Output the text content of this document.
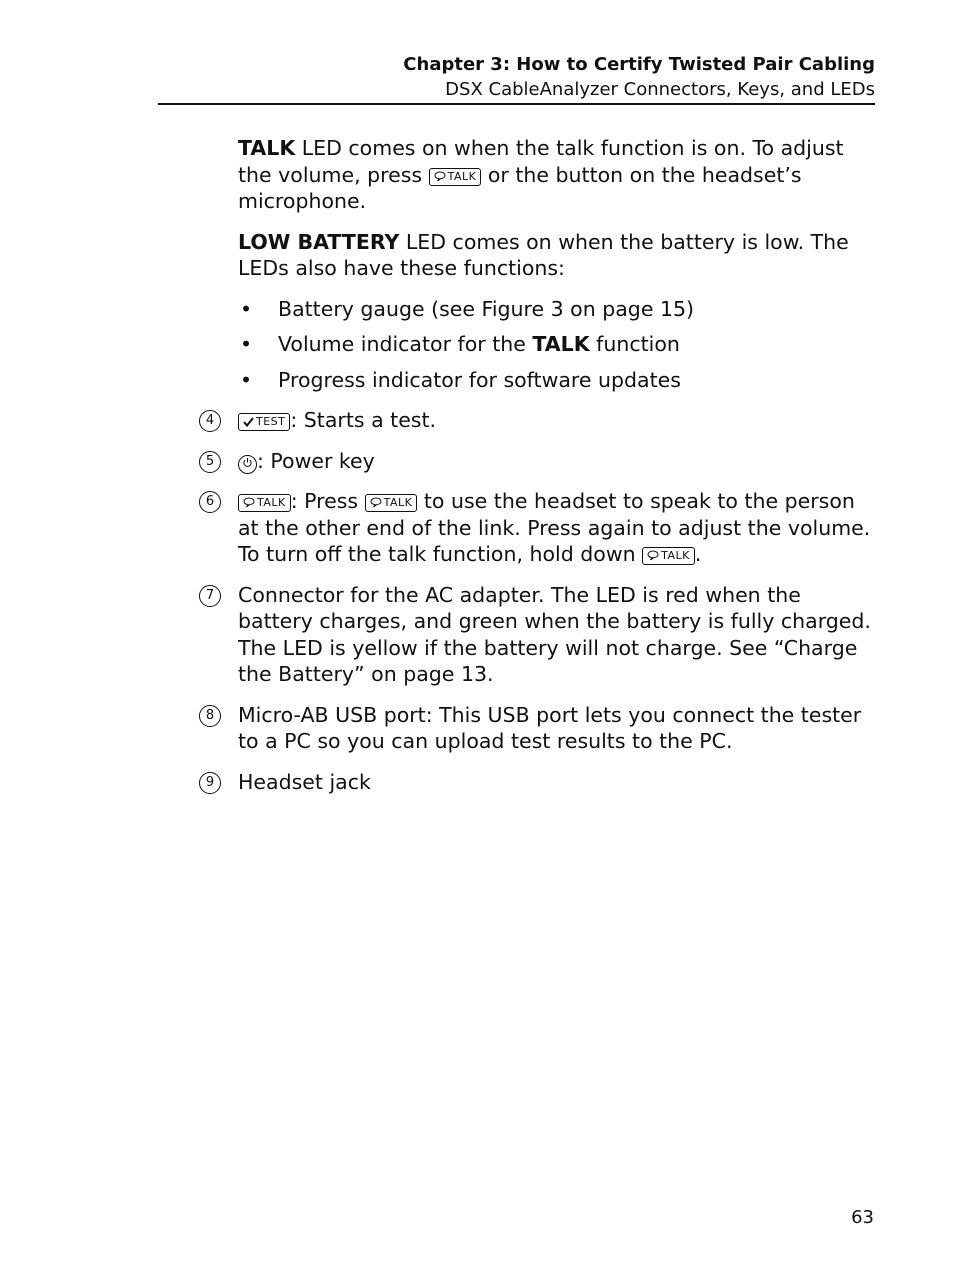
Chapter 3: How to Certify Twisted Pair Cabling
DSX CableAnalyzer Connectors, Keys, and LEDs

TALK LED comes on when the talk function is on. To adjust the volume, press TALK or the button on the headset’s microphone.

LOW BATTERY LED comes on when the battery is low. The LEDs also have these functions:

• Battery gauge (see Figure 3 on page 15)
• Volume indicator for the TALK function
• Progress indicator for software updates
4	TEST : Starts a test.
5	: Power key
6	TALK : Press TALK to use the headset to speak to the person at the other end of the link. Press again to adjust the volume. To turn off the talk function, hold down TALK .
7	Connector for the AC adapter. The LED is red when the battery charges, and green when the battery is fully charged. The LED is yellow if the battery will not charge. See “Charge the Battery” on page 13.
8	Micro-AB USB port: This USB port lets you connect the tester to a PC so you can upload test results to the PC.
9	Headset jack
63
